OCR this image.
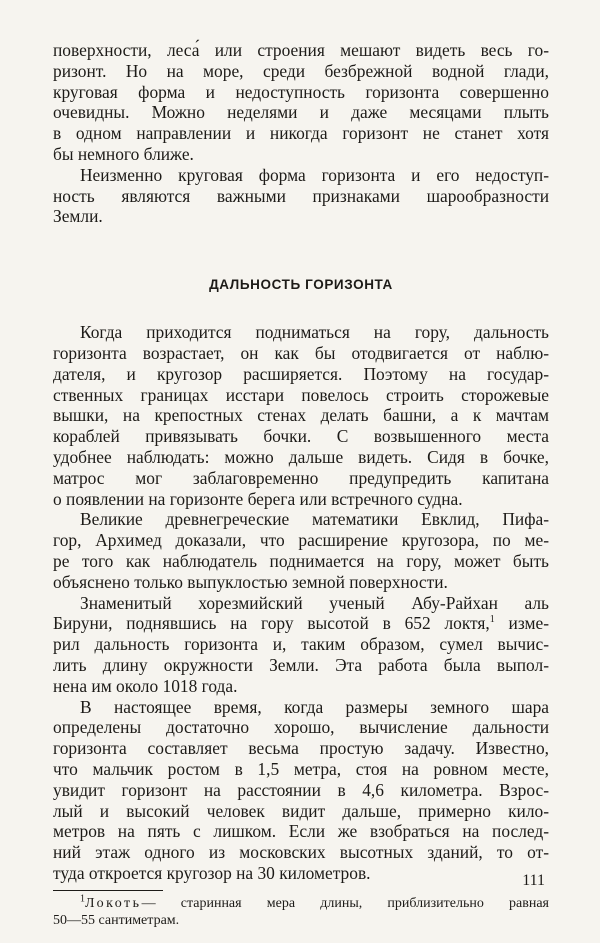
поверхности, леса́ или строения мешают видеть весь го-
ризонт. Но на море, среди безбрежной водной глади,
круговая форма и недоступность горизонта совершенно
очевидны. Можно неделями и даже месяцами плыть
в одном направлении и никогда горизонт не станет хотя
бы немного ближе.

Неизменно круговая форма горизонта и его недоступ-
ность являются важными признаками шарообразности
Земли.

ДАЛЬНОСТЬ ГОРИЗОНТА

Когда приходится подниматься на гору, дальность
горизонта возрастает, он как бы отодвигается от наблю-
дателя, и кругозор расширяется. Поэтому на государ-
ственных границах исстари повелось строить сторожевые
вышки, на крепостных стенах делать башни, а к мачтам
кораблей привязывать бочки. С возвышенного места
удобнее наблюдать: можно дальше видеть. Сидя в бочке,
матрос мог заблаговременно предупредить капитана
о появлении на горизонте берега или встречного судна.

Великие древнегреческие математики Евклид, Пифа-
гор, Архимед доказали, что расширение кругозора, по ме-
ре того как наблюдатель поднимается на гору, может быть
объяснено только выпуклостью земной поверхности.

Знаменитый хорезмийский ученый Абу-Райхан аль
Бируни, поднявшись на гору высотой в 652 локтя,$^1$ изме-
рил дальность горизонта и, таким образом, сумел вычис-
лить длину окружности Земли. Эта работа была выпол-
нена им около 1018 года.

В настоящее время, когда размеры земного шара
определены достаточно хорошо, вычисление дальности
горизонта составляет весьма простую задачу. Известно,
что мальчик ростом в 1,5 метра, стоя на ровном месте,
увидит горизонт на расстоянии в 4,6 километра. Взрос-
лый и высокий человек видит дальше, примерно кило-
метров на пять с лишком. Если же взобраться на послед-
ний этаж одного из московских высотных зданий, то от-
туда откроется кругозор на 30 километров.

$^1$Локоть— старинная мера длины, приблизительно равная
50—55 сантиметрам.

111
